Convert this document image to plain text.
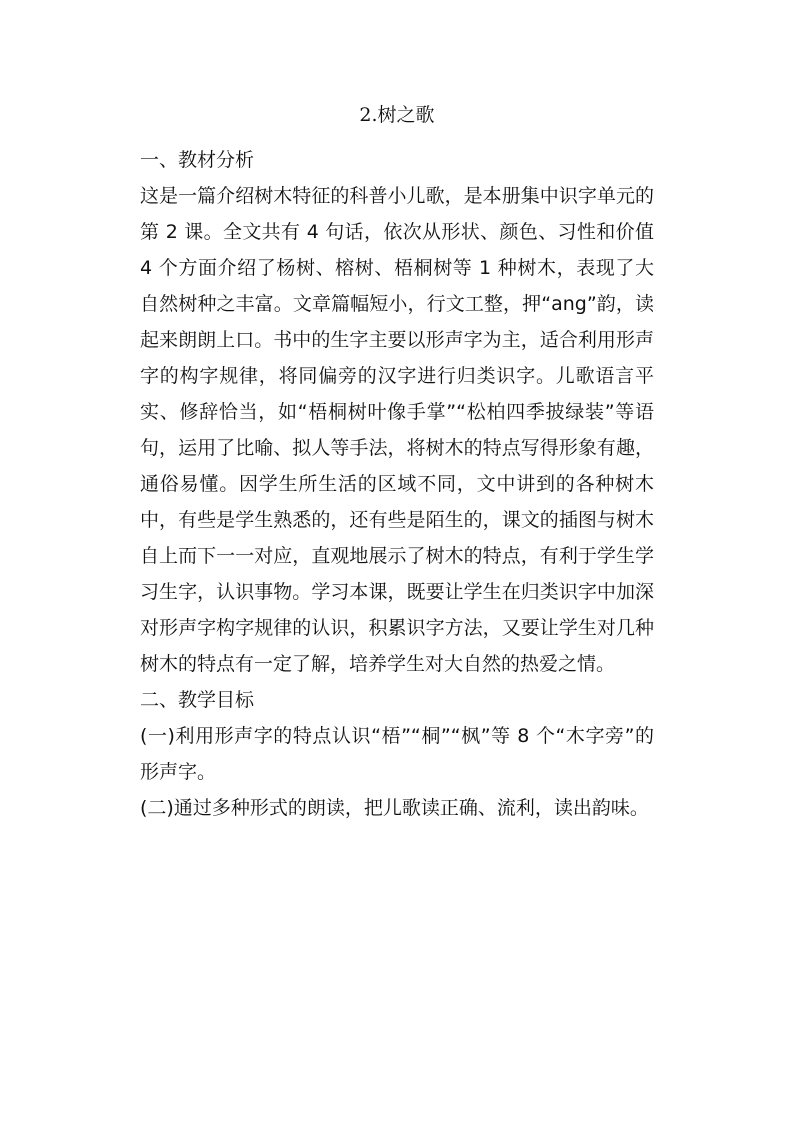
2.树之歌
一、教材分析

这是一篇介绍树木特征的科普小儿歌，是本册集中识字单元的第 2 课。全文共有 4 句话，依次从形状、颜色、习性和价值 4 个方面介绍了杨树、榕树、梧桐树等 1 种树木，表现了大自然树种之丰富。文章篇幅短小，行文工整，押“ang”韵，读起来朗朗上口。书中的生字主要以形声字为主，适合利用形声字的构字规律，将同偏旁的汉字进行归类识字。儿歌语言平实、修辞恰当，如“梧桐树叶像手掌”“松柏四季披绿装”等语句，运用了比喻、拟人等手法，将树木的特点写得形象有趣，通俗易懂。因学生所生活的区域不同，文中讲到的各种树木中，有些是学生熟悉的，还有些是陌生的，课文的插图与树木自上而下一一对应，直观地展示了树木的特点，有利于学生学习生字，认识事物。学习本课，既要让学生在归类识字中加深对形声字构字规律的认识，积累识字方法，又要让学生对几种树木的特点有一定了解，培养学生对大自然的热爱之情。

二、教学目标

(一)利用形声字的特点认识“梧”“桐”“枫”等 8 个“木字旁”的形声字。

(二)通过多种形式的朗读，把儿歌读正确、流利，读出韵味。
